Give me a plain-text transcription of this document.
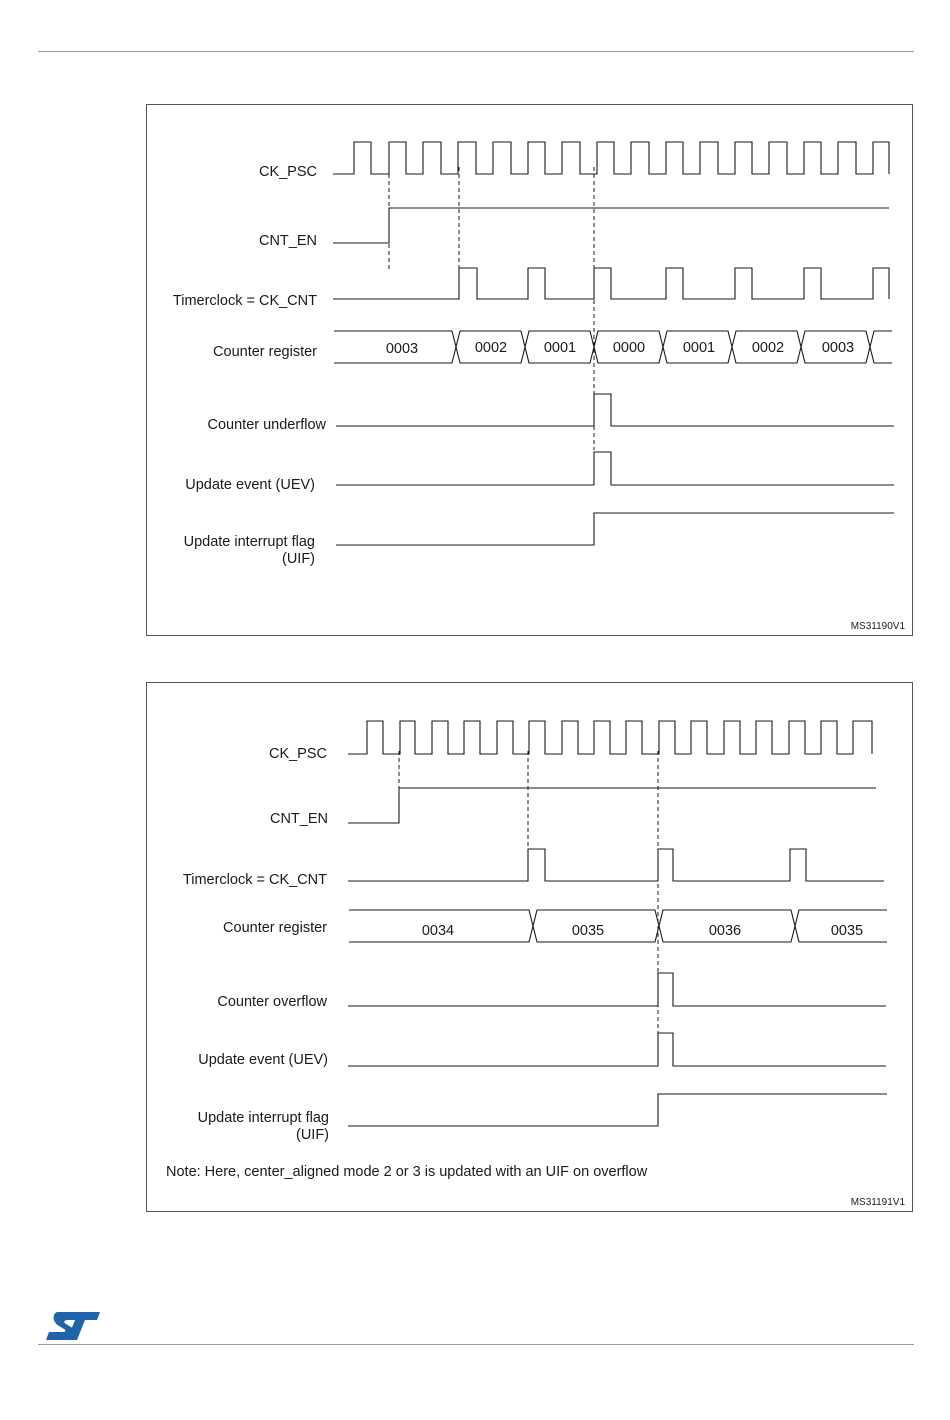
CK_PSC
CNT_EN
Timerclock = CK_CNT
Counter register
Counter underflow
Update event (UEV)
Update interrupt flag
(UIF)
0003	0002	0001	0000	0001	0002	0003
MS31190V1
CK_PSC
CNT_EN
Timerclock = CK_CNT
Counter register
Counter overflow
Update event (UEV)
Update interrupt flag
(UIF)
0034	0035	0036	0035
Note: Here, center_aligned mode 2 or 3 is updated with an UIF on overflow
MS31191V1
